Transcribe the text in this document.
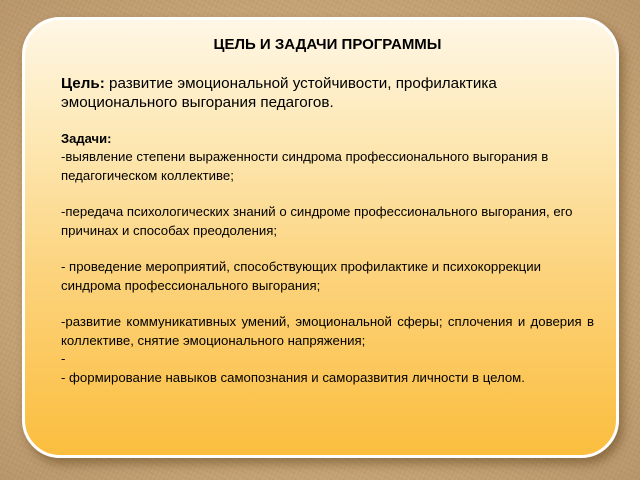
ЦЕЛЬ И ЗАДАЧИ ПРОГРАММЫ

Цель: развитие эмоциональной устойчивости, профилактика эмоционального выгорания педагогов.

Задачи:

-выявление степени выраженности синдрома профессионального выгорания в педагогическом коллективе;

-передача психологических знаний о синдроме профессионального выгорания, его причинах и способах преодоления;

- проведение мероприятий, способствующих профилактике и психокоррекции синдрома профессионального выгорания;

-развитие коммуникативных умений, эмоциональной сферы; сплочения и доверия в коллективе, снятие эмоционального напряжения;

-

- формирование навыков самопознания и саморазвития личности в целом.
